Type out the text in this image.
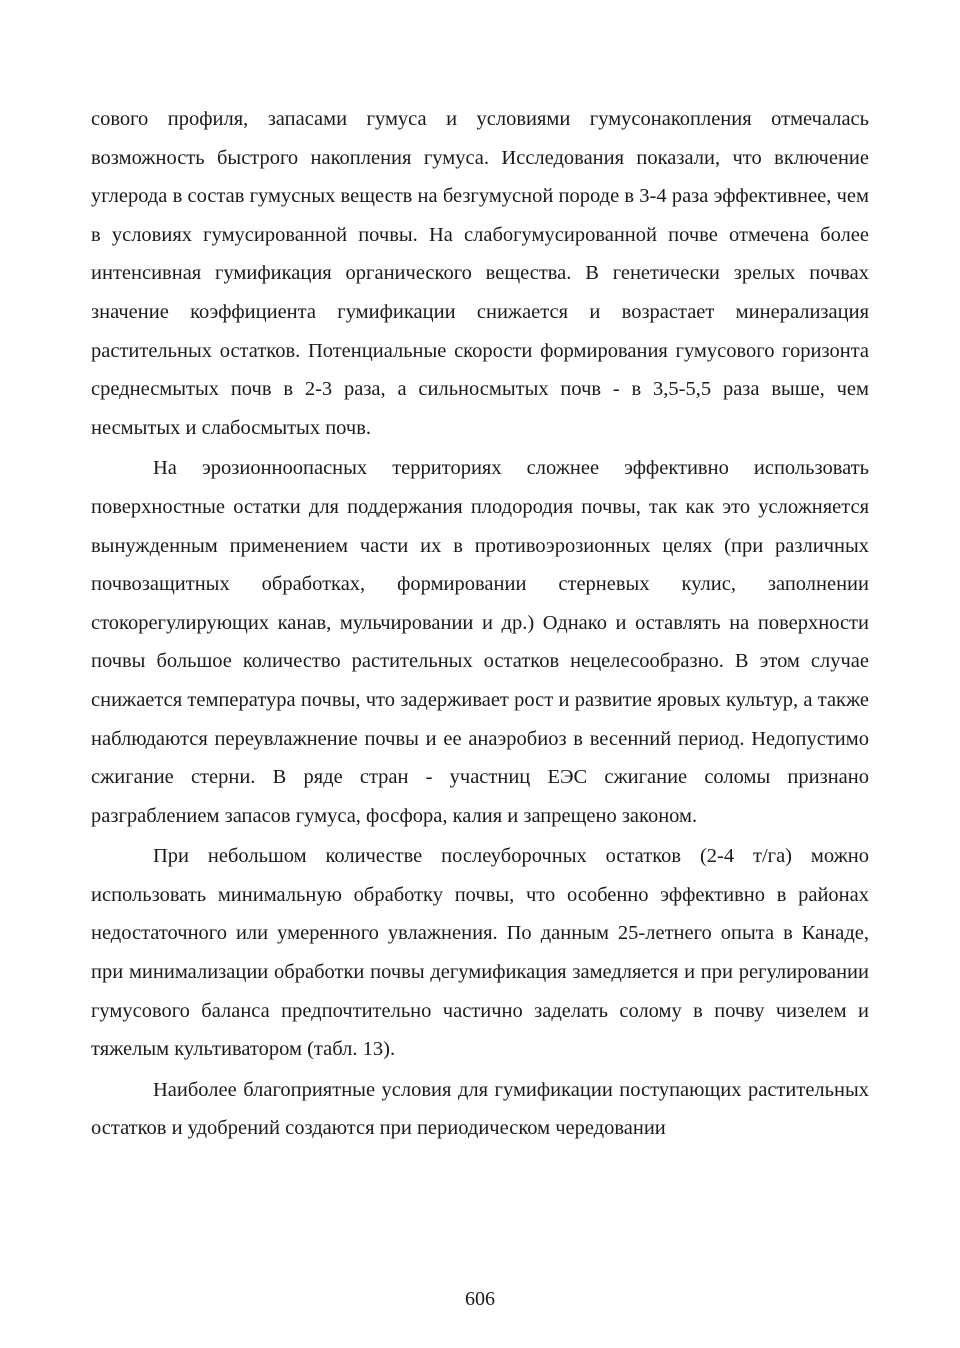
сового профиля, запасами гумуса и условиями гумусонакопления отмечалась возможность быстрого накопления гумуса. Исследования показали, что включение углерода в состав гумусных веществ на безгумусной породе в 3-4 раза эффективнее, чем в условиях гумусированной почвы. На слабогумусированной почве отмечена более интенсивная гумификация органического вещества. В генетически зрелых почвах значение коэффициента гумификации снижается и возрастает минерализация растительных остатков. Потенциальные скорости формирования гумусового горизонта среднесмытых почв в 2-3 раза, а сильносмытых почв - в 3,5-5,5 раза выше, чем несмытых и слабосмытых почв.

На эрозионноопасных территориях сложнее эффективно использовать поверхностные остатки для поддержания плодородия почвы, так как это усложняется вынужденным применением части их в противоэрозионных целях (при различных почвозащитных обработках, формировании стерневых кулис, заполнении стокорегулирующих канав, мульчировании и др.) Однако и оставлять на поверхности почвы большое количество растительных остатков нецелесообразно. В этом случае снижается температура почвы, что задерживает рост и развитие яровых культур, а также наблюдаются переувлажнение почвы и ее анаэробиоз в весенний период. Недопустимо сжигание стерни. В ряде стран - участниц ЕЭС сжигание соломы признано разграблением запасов гумуса, фосфора, калия и запрещено законом.

При небольшом количестве послеуборочных остатков (2-4 т/га) можно использовать минимальную обработку почвы, что особенно эффективно в районах недостаточного или умеренного увлажнения. По данным 25-летнего опыта в Канаде, при минимализации обработки почвы дегумификация замедляется и при регулировании гумусового баланса предпочтительно частично заделать солому в почву чизелем и тяжелым культиватором (табл. 13).

Наиболее благоприятные условия для гумификации поступающих растительных остатков и удобрений создаются при периодическом чередовании

606
